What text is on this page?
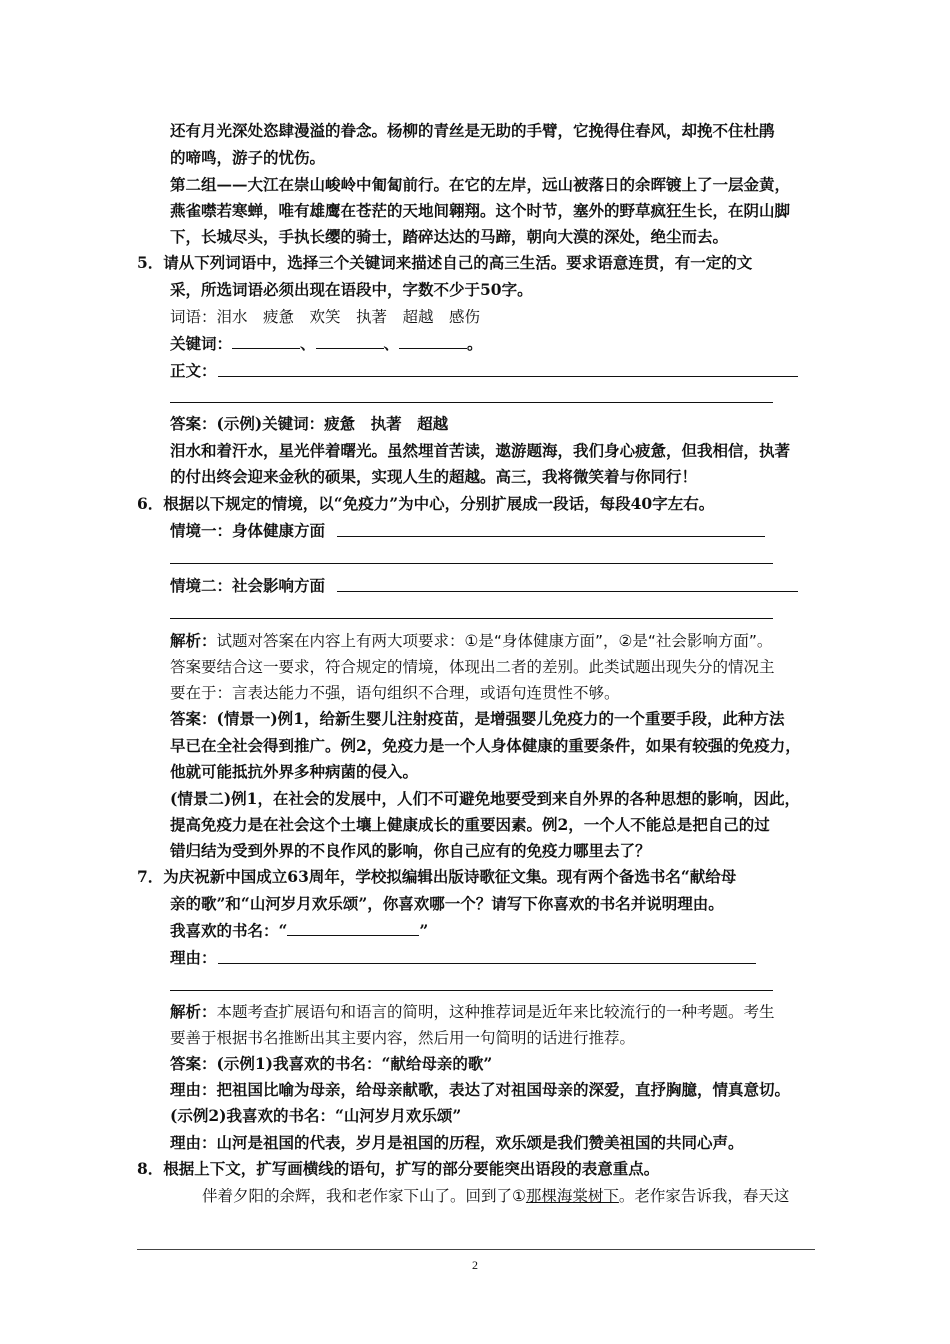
还有月光深处恣肆漫溢的眷念。杨柳的青丝是无助的手臂，它挽得住春风，却挽不住杜鹃
的啼鸣，游子的忧伤。
第二组——大江在崇山峻岭中匍匐前行。在它的左岸，远山被落日的余晖镀上了一层金黄，
燕雀噤若寒蝉，唯有雄鹰在苍茫的天地间翱翔。这个时节，塞外的野草疯狂生长，在阴山脚
下，长城尽头，手执长缨的骑士，踏碎达达的马蹄，朝向大漠的深处，绝尘而去。
5．请从下列词语中，选择三个关键词来描述自己的高三生活。要求语意连贯，有一定的文
采，所选词语必须出现在语段中，字数不少于50字。
词语：泪水　疲惫　欢笑　执著　超越　感伤
关键词：	、	、	。
正文：
答案：(示例)关键词：疲惫　执著　超越
泪水和着汗水，星光伴着曙光。虽然埋首苦读，遨游题海，我们身心疲惫，但我相信，执著
的付出终会迎来金秋的硕果，实现人生的超越。高三，我将微笑着与你同行！
6．根据以下规定的情境，以“免疫力”为中心，分别扩展成一段话，每段40字左右。
情境一：身体健康方面
情境二：社会影响方面
解析：试题对答案在内容上有两大项要求：①是“身体健康方面”，②是“社会影响方面”。
答案要结合这一要求，符合规定的情境，体现出二者的差别。此类试题出现失分的情况主
要在于：言表达能力不强，语句组织不合理，或语句连贯性不够。
答案：(情景一)例1，给新生婴儿注射疫苗，是增强婴儿免疫力的一个重要手段，此种方法
早已在全社会得到推广。例2，免疫力是一个人身体健康的重要条件，如果有较强的免疫力，
他就可能抵抗外界多种病菌的侵入。
(情景二)例1，在社会的发展中，人们不可避免地要受到来自外界的各种思想的影响，因此，
提高免疫力是在社会这个土壤上健康成长的重要因素。例2，一个人不能总是把自己的过
错归结为受到外界的不良作风的影响，你自己应有的免疫力哪里去了？
7．为庆祝新中国成立63周年，学校拟编辑出版诗歌征文集。现有两个备选书名“献给母
亲的歌”和“山河岁月欢乐颂”，你喜欢哪一个？请写下你喜欢的书名并说明理由。
我喜欢的书名：“	”
理由：
解析：本题考查扩展语句和语言的简明，这种推荐词是近年来比较流行的一种考题。考生
要善于根据书名推断出其主要内容，然后用一句简明的话进行推荐。
答案：(示例1)我喜欢的书名：“献给母亲的歌”
理由：把祖国比喻为母亲，给母亲献歌，表达了对祖国母亲的深爱，直抒胸臆，情真意切。
(示例2)我喜欢的书名：“山河岁月欢乐颂”
理由：山河是祖国的代表，岁月是祖国的历程，欢乐颂是我们赞美祖国的共同心声。
8．根据上下文，扩写画横线的语句，扩写的部分要能突出语段的表意重点。
伴着夕阳的余辉，我和老作家下山了。回到了①那棵海棠树下。老作家告诉我，春天这
2
